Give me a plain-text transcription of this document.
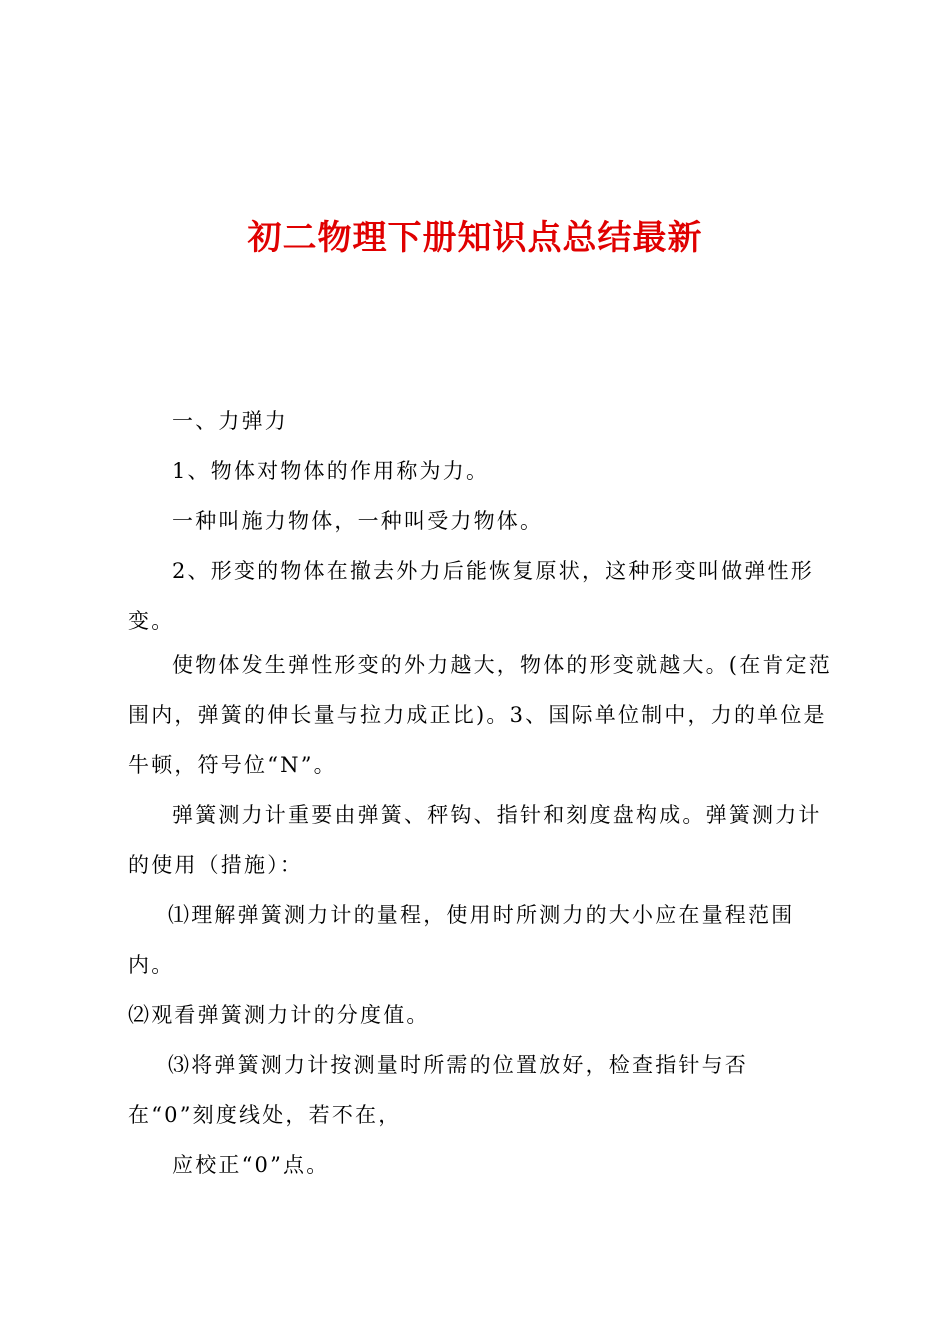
初二物理下册知识点总结最新

一、力弹力

1、物体对物体的作用称为力。

一种叫施力物体，一种叫受力物体。

2、形变的物体在撤去外力后能恢复原状，这种形变叫做弹性形变。

使物体发生弹性形变的外力越大，物体的形变就越大。(在肯定范围内，弹簧的伸长量与拉力成正比)。3、国际单位制中，力的单位是牛顿，符号位“N”。

弹簧测力计重要由弹簧、秤钩、指针和刻度盘构成。弹簧测力计的使用（措施）：

⑴理解弹簧测力计的量程，使用时所测力的大小应在量程范围内。

⑵观看弹簧测力计的分度值。

⑶将弹簧测力计按测量时所需的位置放好，检查指针与否在“0”刻度线处，若不在，

应校正“0”点。
